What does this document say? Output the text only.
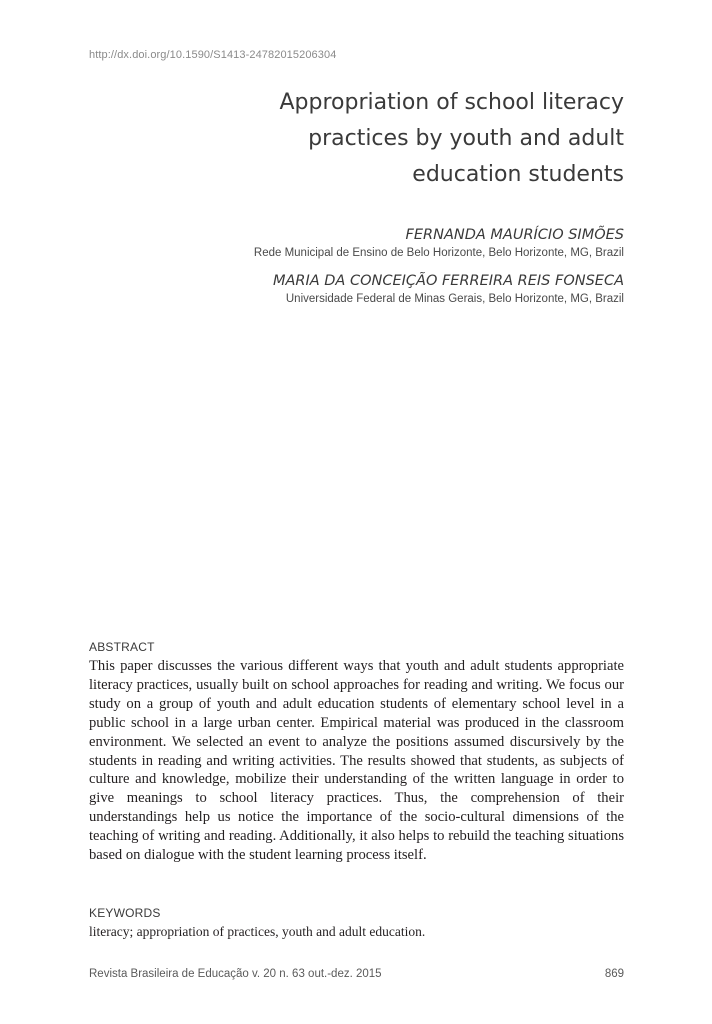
http://dx.doi.org/10.1590/S1413-24782015206304
Appropriation of school literacy
practices by youth and adult
education students
FERNANDA MAURÍCIO SIMÕES
Rede Municipal de Ensino de Belo Horizonte, Belo Horizonte, MG, Brazil
MARIA DA CONCEIÇÃO FERREIRA REIS FONSECA
Universidade Federal de Minas Gerais, Belo Horizonte, MG, Brazil
ABSTRACT

This paper discusses the various different ways that youth and adult students appropriate literacy practices, usually built on school approaches for reading and writing. We focus our study on a group of youth and adult education students of elementary school level in a public school in a large urban center. Empirical material was produced in the classroom environment. We selected an event to analyze the positions assumed discursively by the students in reading and writing activities. The results showed that students, as subjects of culture and knowledge, mobilize their understanding of the written language in order to give meanings to school literacy practices. Thus, the comprehension of their understandings help us notice the importance of the socio-cultural dimensions of the teaching of writing and reading. Additionally, it also helps to rebuild the teaching situations based on dialogue with the student learning process itself.

KEYWORDS
literacy; appropriation of practices, youth and adult education.
Revista Brasileira de Educação v. 20 n. 63 out.-dez. 2015	869
